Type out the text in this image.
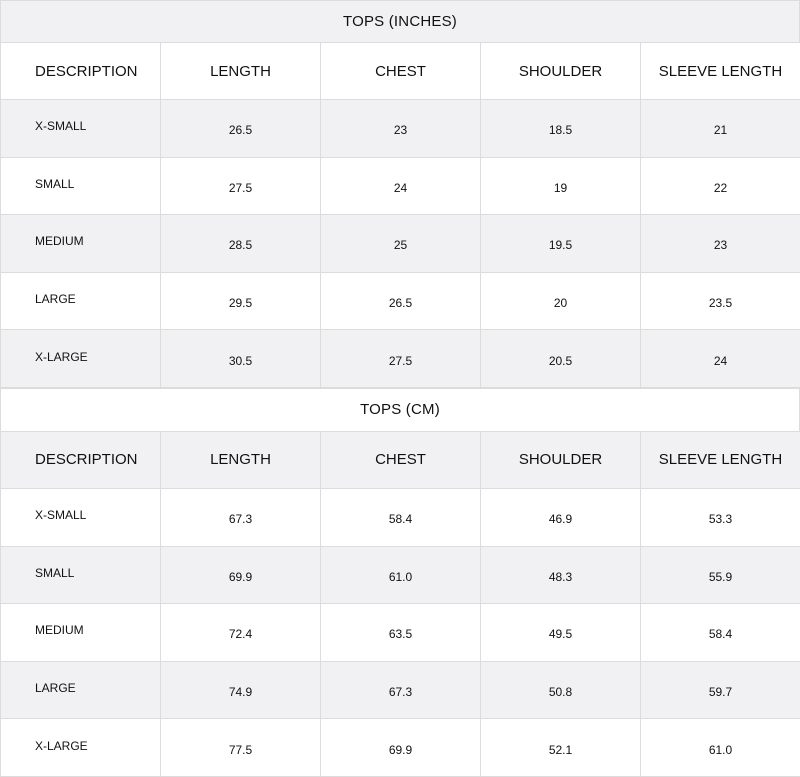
TOPS (INCHES)
DESCRIPTION	LENGTH	CHEST	SHOULDER	SLEEVE LENGTH
X-SMALL	26.5	23	18.5	21
SMALL	27.5	24	19	22
MEDIUM	28.5	25	19.5	23
LARGE	29.5	26.5	20	23.5
X-LARGE	30.5	27.5	20.5	24
TOPS (CM)
DESCRIPTION	LENGTH	CHEST	SHOULDER	SLEEVE LENGTH
X-SMALL	67.3	58.4	46.9	53.3
SMALL	69.9	61.0	48.3	55.9
MEDIUM	72.4	63.5	49.5	58.4
LARGE	74.9	67.3	50.8	59.7
X-LARGE	77.5	69.9	52.1	61.0
